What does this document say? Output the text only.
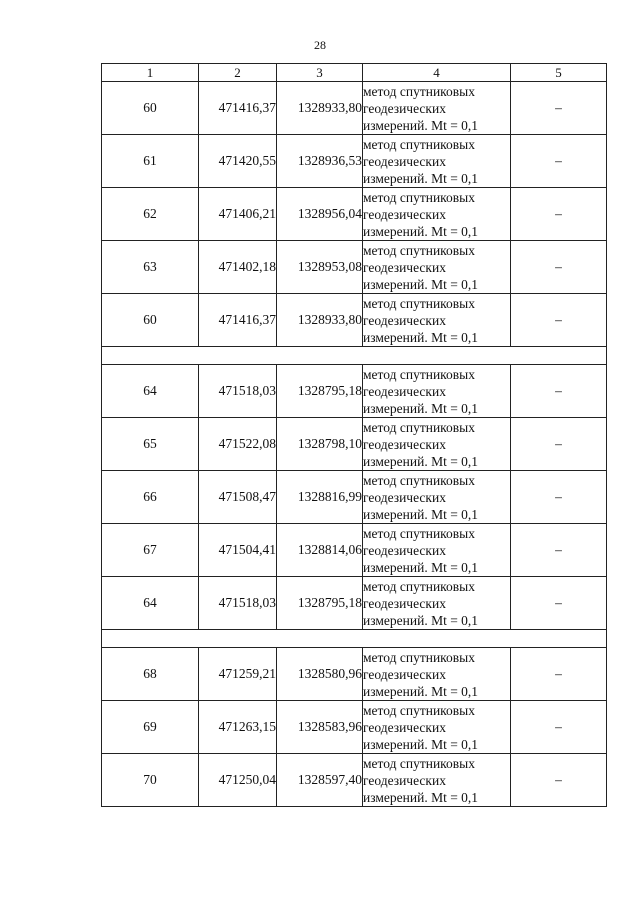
28
1	2	3	4	5
60	471416,37	1328933,80	метод спутниковых
геодезических
измерений. Mt = 0,1	–
61	471420,55	1328936,53	метод спутниковых
геодезических
измерений. Mt = 0,1	–
62	471406,21	1328956,04	метод спутниковых
геодезических
измерений. Mt = 0,1	–
63	471402,18	1328953,08	метод спутниковых
геодезических
измерений. Mt = 0,1	–
60	471416,37	1328933,80	метод спутниковых
геодезических
измерений. Mt = 0,1	–

64	471518,03	1328795,18	метод спутниковых
геодезических
измерений. Mt = 0,1	–
65	471522,08	1328798,10	метод спутниковых
геодезических
измерений. Mt = 0,1	–
66	471508,47	1328816,99	метод спутниковых
геодезических
измерений. Mt = 0,1	–
67	471504,41	1328814,06	метод спутниковых
геодезических
измерений. Mt = 0,1	–
64	471518,03	1328795,18	метод спутниковых
геодезических
измерений. Mt = 0,1	–

68	471259,21	1328580,96	метод спутниковых
геодезических
измерений. Mt = 0,1	–
69	471263,15	1328583,96	метод спутниковых
геодезических
измерений. Mt = 0,1	–
70	471250,04	1328597,40	метод спутниковых
геодезических
измерений. Mt = 0,1	–
